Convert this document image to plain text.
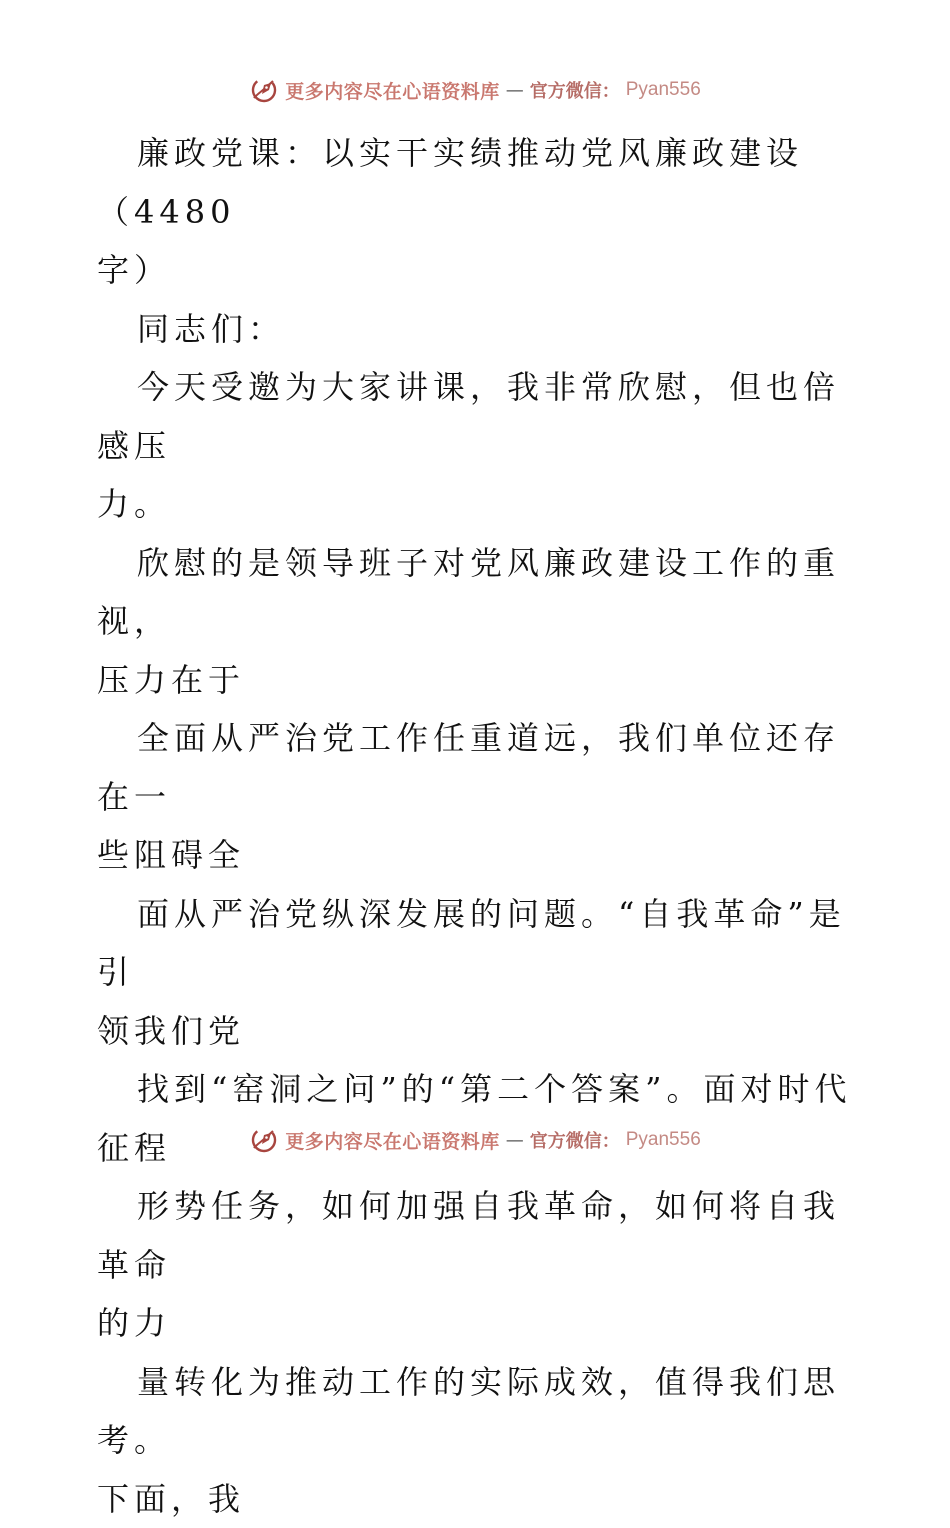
更多内容尽在心语资料库 — 官方微信： Pyan556

廉政党课：以实干实绩推动党风廉政建设（4480

字）

同志们：

今天受邀为大家讲课，我非常欣慰，但也倍感压

力。

欣慰的是领导班子对党风廉政建设工作的重视，

压力在于

全面从严治党工作任重道远，我们单位还存在一

些阻碍全

面从严治党纵深发展的问题。“自我革命”是引

领我们党

找到“窑洞之问”的“第二个答案”。面对时代

征程

形势任务，如何加强自我革命，如何将自我革命

的力

量转化为推动工作的实际成效，值得我们思考。

下面，我

更多内容尽在心语资料库 — 官方微信： Pyan556
